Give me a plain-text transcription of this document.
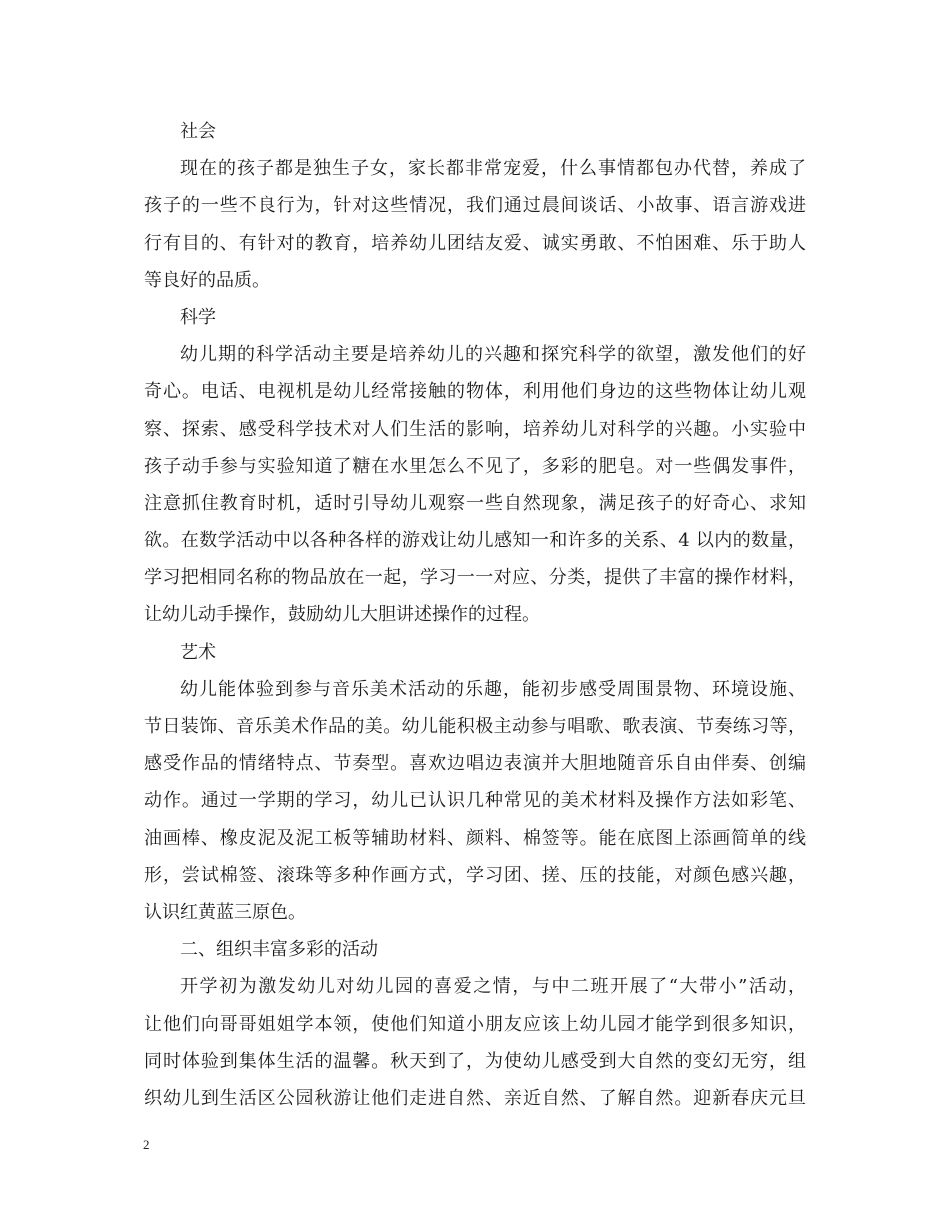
社会
现在的孩子都是独生子女，家长都非常宠爱，什么事情都包办代替，养成了
孩子的一些不良行为，针对这些情况，我们通过晨间谈话、小故事、语言游戏进
行有目的、有针对的教育，培养幼儿团结友爱、诚实勇敢、不怕困难、乐于助人
等良好的品质。
科学
幼儿期的科学活动主要是培养幼儿的兴趣和探究科学的欲望，激发他们的好
奇心。电话、电视机是幼儿经常接触的物体，利用他们身边的这些物体让幼儿观
察、探索、感受科学技术对人们生活的影响，培养幼儿对科学的兴趣。小实验中
孩子动手参与实验知道了糖在水里怎么不见了，多彩的肥皂。对一些偶发事件，
注意抓住教育时机，适时引导幼儿观察一些自然现象，满足孩子的好奇心、求知
欲。在数学活动中以各种各样的游戏让幼儿感知一和许多的关系、4 以内的数量，
学习把相同名称的物品放在一起，学习一一对应、分类，提供了丰富的操作材料，
让幼儿动手操作，鼓励幼儿大胆讲述操作的过程。
艺术
幼儿能体验到参与音乐美术活动的乐趣，能初步感受周围景物、环境设施、
节日装饰、音乐美术作品的美。幼儿能积极主动参与唱歌、歌表演、节奏练习等，
感受作品的情绪特点、节奏型。喜欢边唱边表演并大胆地随音乐自由伴奏、创编
动作。通过一学期的学习，幼儿已认识几种常见的美术材料及操作方法如彩笔、
油画棒、橡皮泥及泥工板等辅助材料、颜料、棉签等。能在底图上添画简单的线
形，尝试棉签、滚珠等多种作画方式，学习团、搓、压的技能，对颜色感兴趣，
认识红黄蓝三原色。
二、组织丰富多彩的活动
开学初为激发幼儿对幼儿园的喜爱之情，与中二班开展了“大带小”活动，
让他们向哥哥姐姐学本领，使他们知道小朋友应该上幼儿园才能学到很多知识，
同时体验到集体生活的温馨。秋天到了，为使幼儿感受到大自然的变幻无穷，组
织幼儿到生活区公园秋游让他们走进自然、亲近自然、了解自然。迎新春庆元旦
2
